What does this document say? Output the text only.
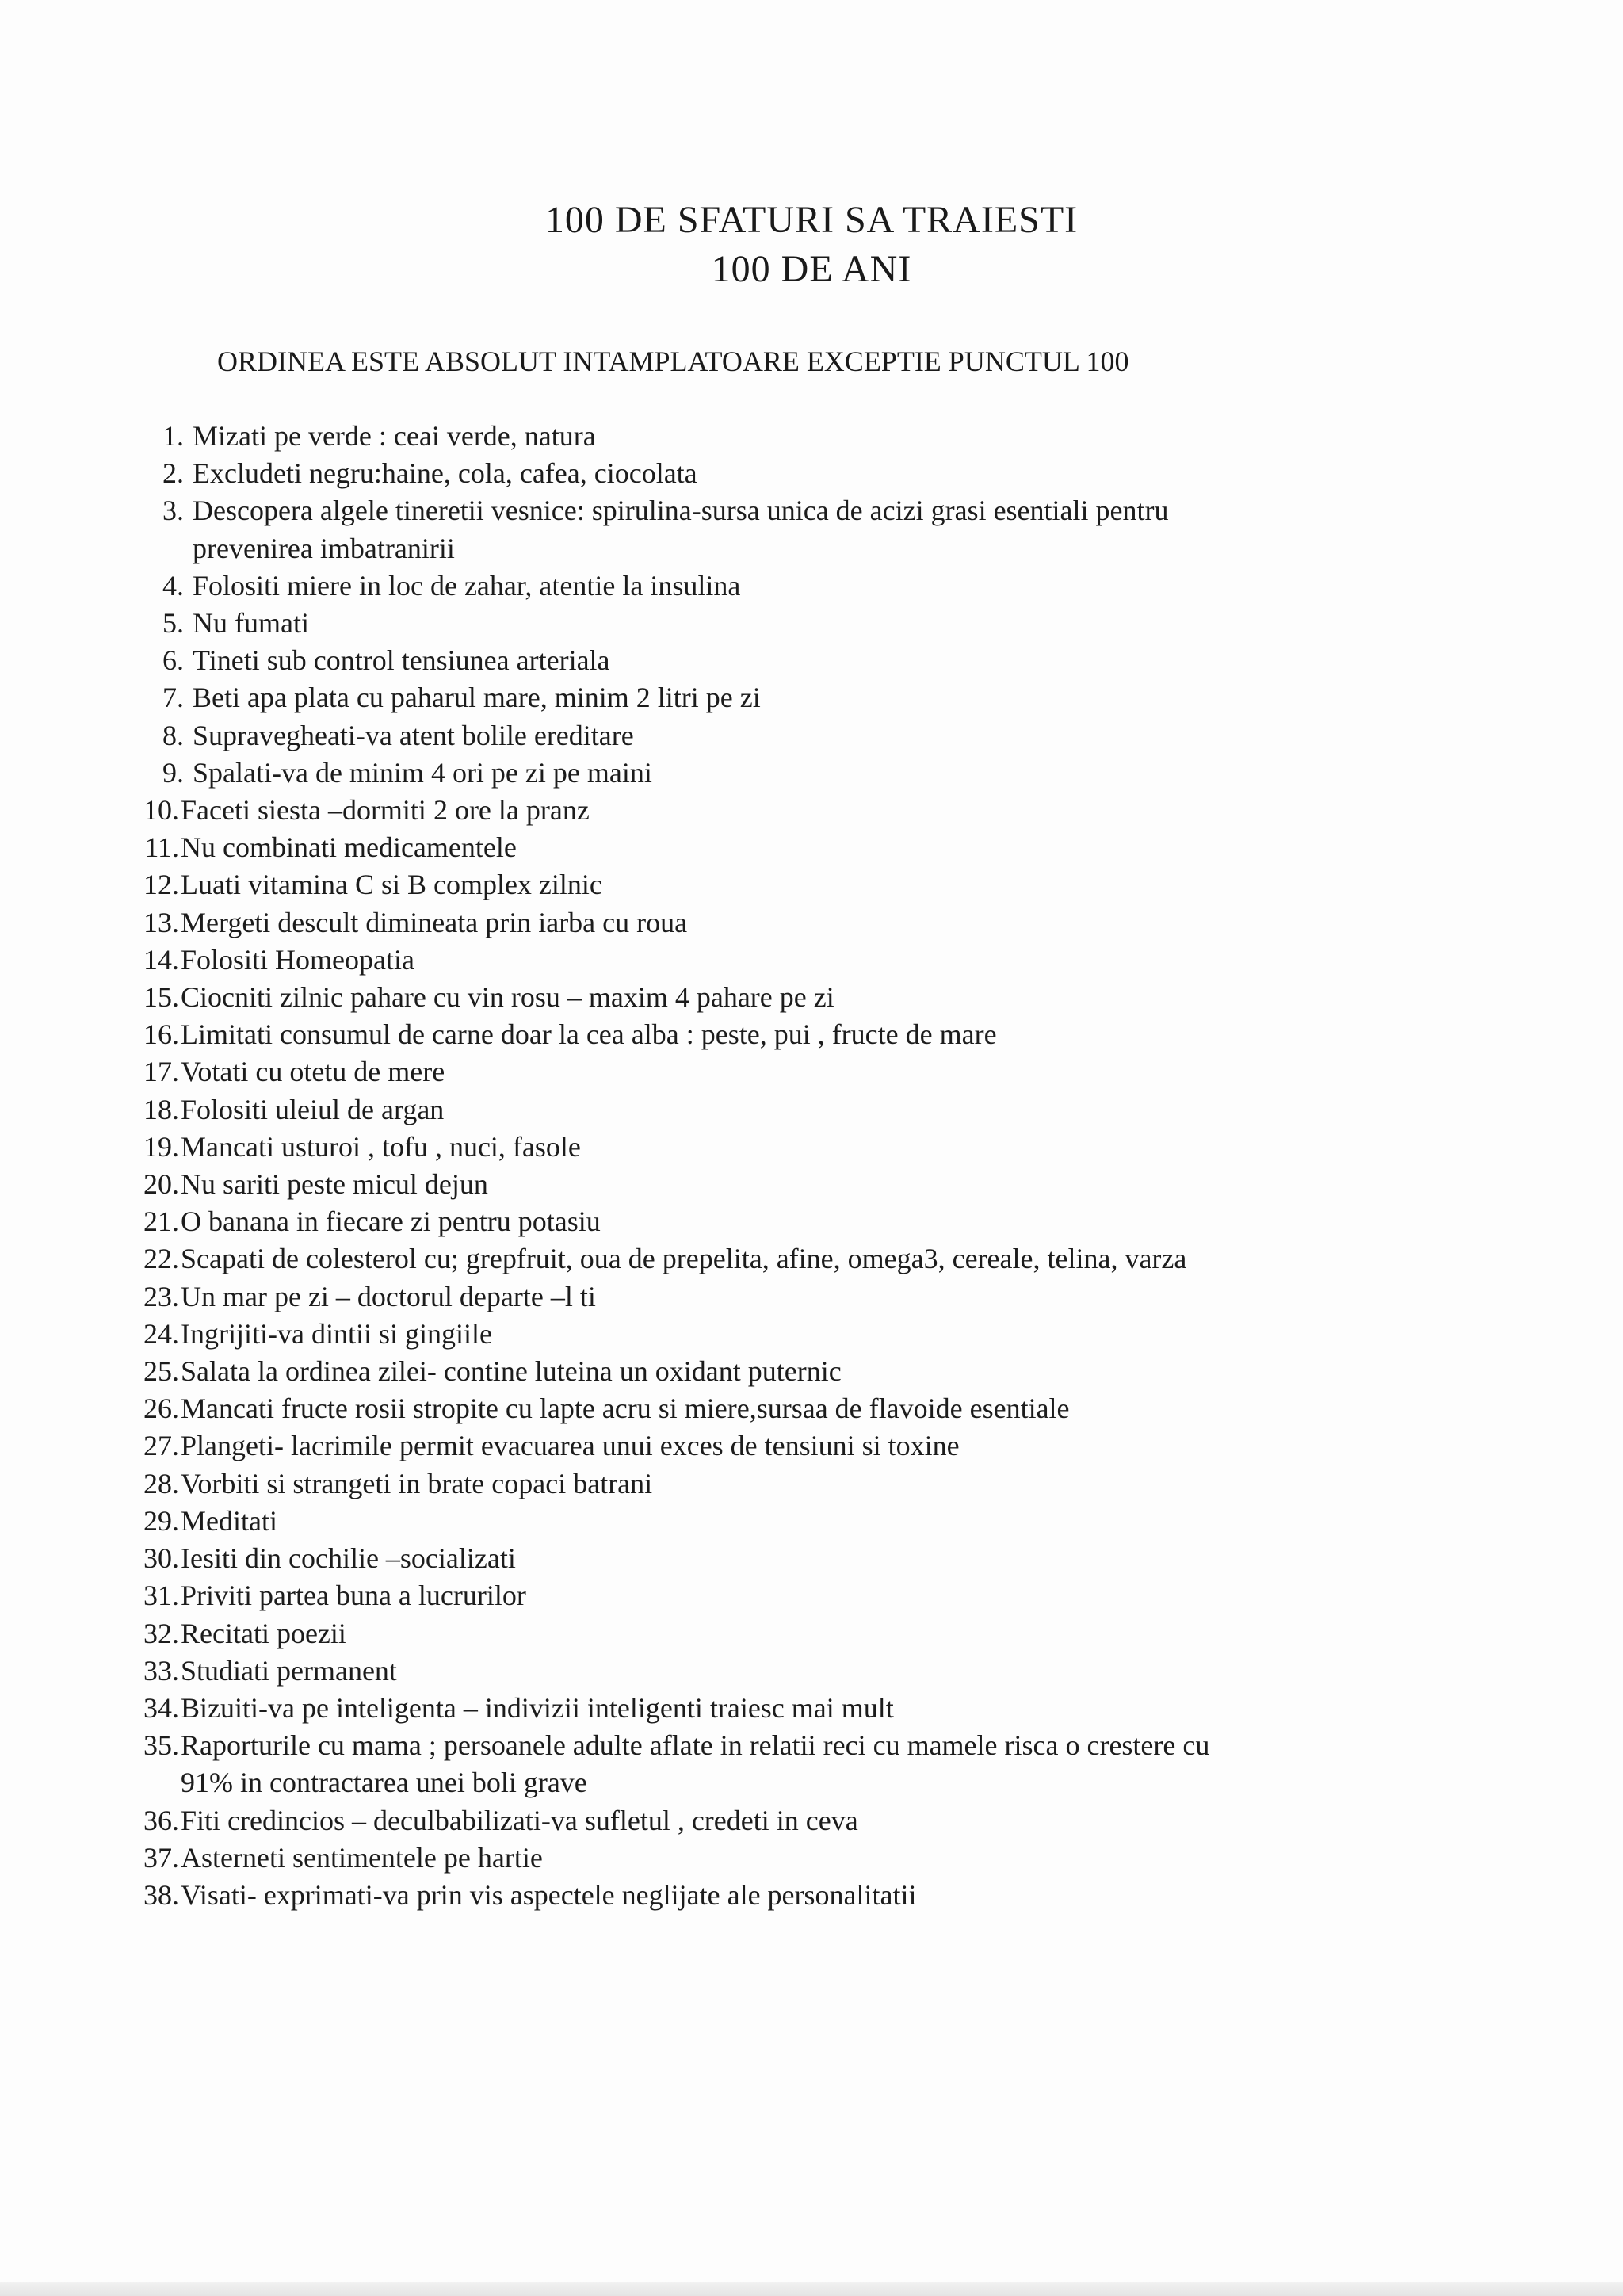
100 DE SFATURI SA TRAIESTI
100 DE ANI
ORDINEA ESTE ABSOLUT INTAMPLATOARE EXCEPTIE PUNCTUL 100
1. Mizati pe verde : ceai verde, natura
2. Excludeti negru:haine, cola, cafea, ciocolata
3. Descopera algele tineretii vesnice: spirulina-sursa unica de acizi grasi esentiali pentru
prevenirea imbatranirii
4. Folositi miere in loc de zahar, atentie la insulina
5. Nu fumati
6. Tineti sub control tensiunea arteriala
7. Beti apa plata cu paharul mare, minim 2 litri pe zi
8. Supravegheati-va atent bolile ereditare
9. Spalati-va de minim 4 ori pe zi pe maini
10. Faceti siesta –dormiti 2 ore la pranz
11. Nu combinati medicamentele
12. Luati vitamina C si B complex zilnic
13. Mergeti descult dimineata prin iarba cu roua
14. Folositi Homeopatia
15. Ciocniti zilnic pahare cu vin rosu – maxim 4 pahare pe zi
16. Limitati consumul de carne doar la cea alba : peste, pui , fructe de mare
17. Votati cu otetu de mere
18. Folositi uleiul de argan
19. Mancati usturoi , tofu , nuci, fasole
20. Nu sariti peste micul dejun
21. O banana in fiecare zi pentru potasiu
22. Scapati de colesterol cu; grepfruit, oua de prepelita, afine, omega3, cereale, telina, varza
23. Un mar pe zi – doctorul departe –l ti
24. Ingrijiti-va dintii si gingiile
25. Salata la ordinea zilei- contine luteina un oxidant puternic
26. Mancati fructe rosii stropite cu lapte acru si miere,sursaa de flavoide esentiale
27. Plangeti- lacrimile permit evacuarea unui exces de tensiuni si toxine
28. Vorbiti si strangeti in brate copaci batrani
29. Meditati
30. Iesiti din cochilie –socializati
31. Priviti partea buna a lucrurilor
32. Recitati poezii
33. Studiati permanent
34. Bizuiti-va pe inteligenta – indivizii inteligenti traiesc mai mult
35. Raporturile cu mama ; persoanele adulte aflate in relatii reci cu mamele risca o crestere cu
91% in contractarea unei boli grave
36. Fiti credincios – deculbabilizati-va sufletul , credeti in ceva
37. Asterneti sentimentele pe hartie
38. Visati- exprimati-va prin vis aspectele neglijate ale personalitatii
